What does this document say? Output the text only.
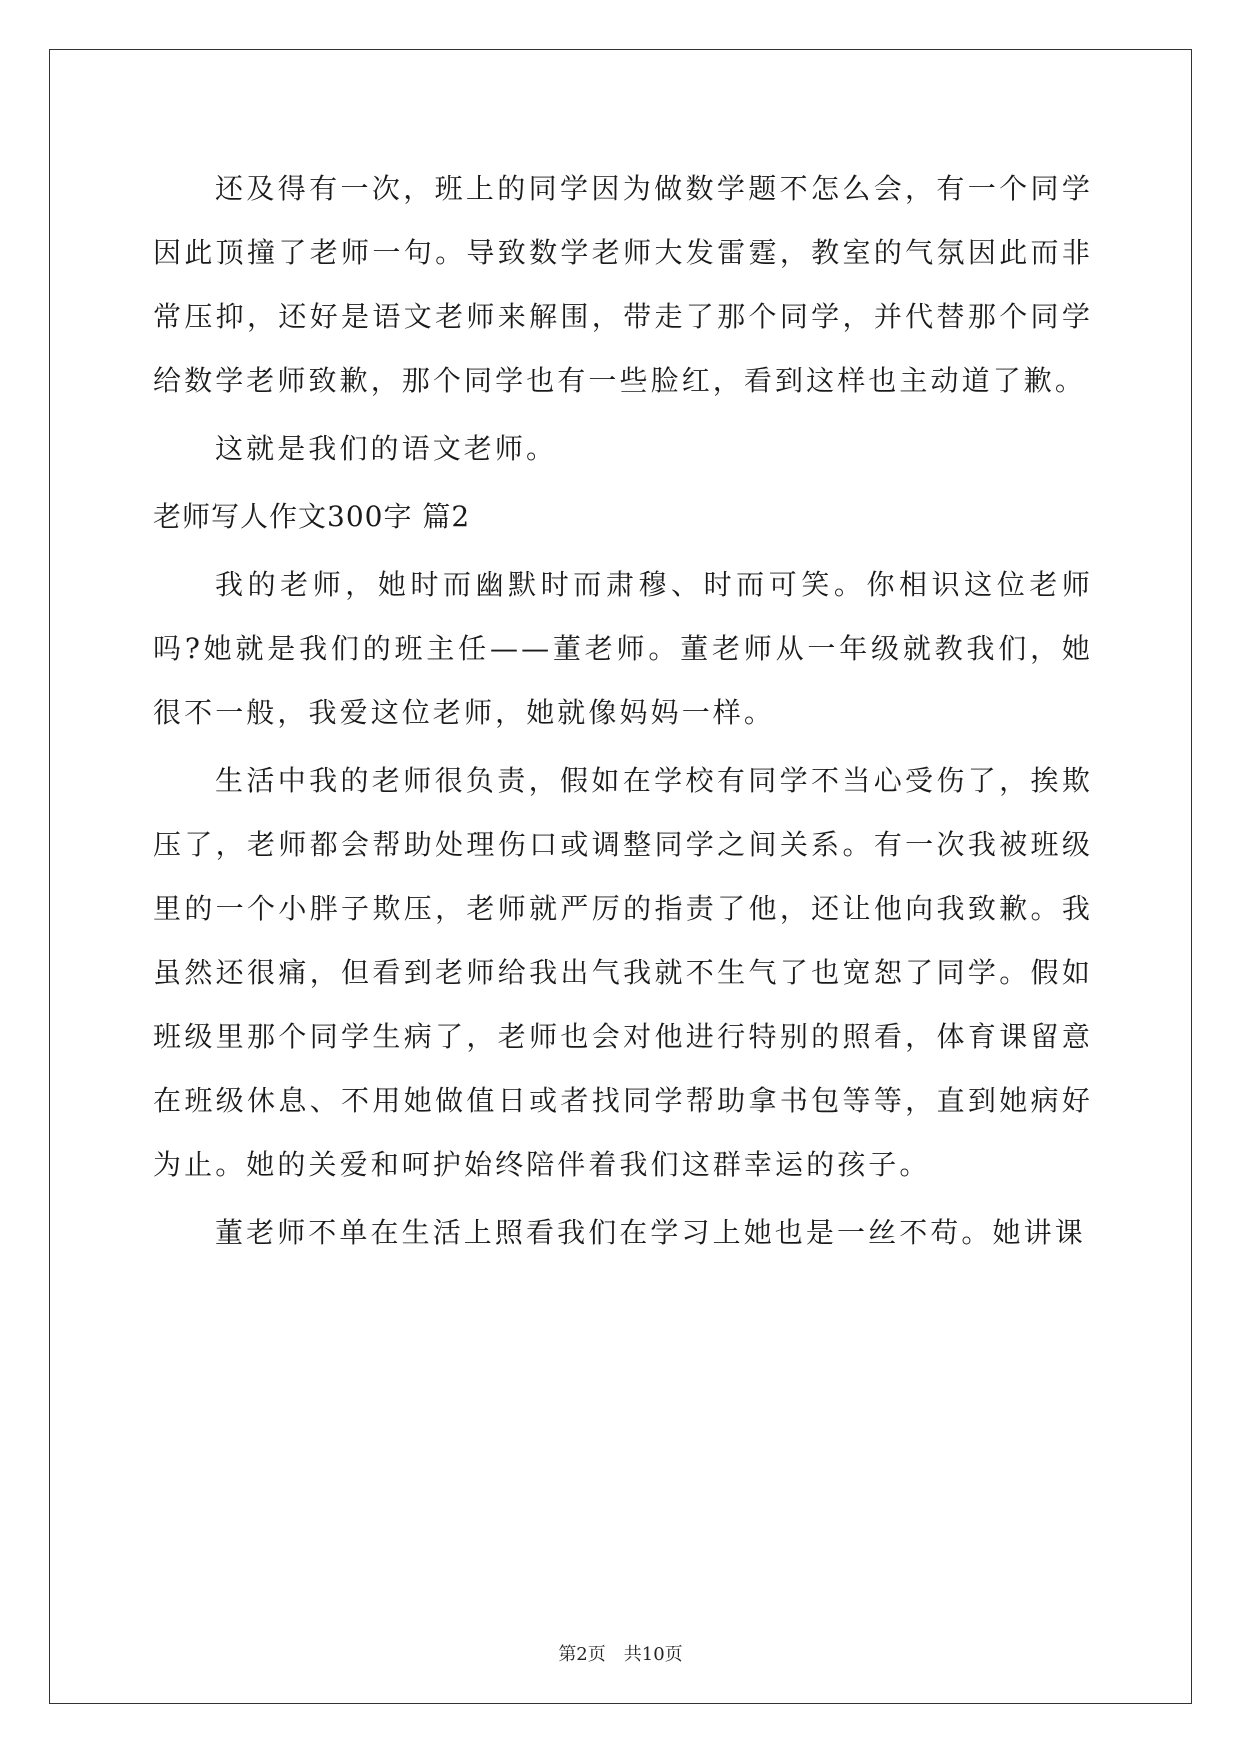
还及得有一次，班上的同学因为做数学题不怎么会，有一个同学因此顶撞了老师一句。导致数学老师大发雷霆，教室的气氛因此而非常压抑，还好是语文老师来解围，带走了那个同学，并代替那个同学给数学老师致歉，那个同学也有一些脸红，看到这样也主动道了歉。

这就是我们的语文老师。

老师写人作文300字 篇2

我的老师，她时而幽默时而肃穆、时而可笑。你相识这位老师吗?她就是我们的班主任——董老师。董老师从一年级就教我们，她很不一般，我爱这位老师，她就像妈妈一样。

生活中我的老师很负责，假如在学校有同学不当心受伤了，挨欺压了，老师都会帮助处理伤口或调整同学之间关系。有一次我被班级里的一个小胖子欺压，老师就严厉的指责了他，还让他向我致歉。我虽然还很痛，但看到老师给我出气我就不生气了也宽恕了同学。假如班级里那个同学生病了，老师也会对他进行特别的照看，体育课留意在班级休息、不用她做值日或者找同学帮助拿书包等等，直到她病好为止。她的关爱和呵护始终陪伴着我们这群幸运的孩子。

董老师不单在生活上照看我们在学习上她也是一丝不苟。她讲课

第2页 共10页
